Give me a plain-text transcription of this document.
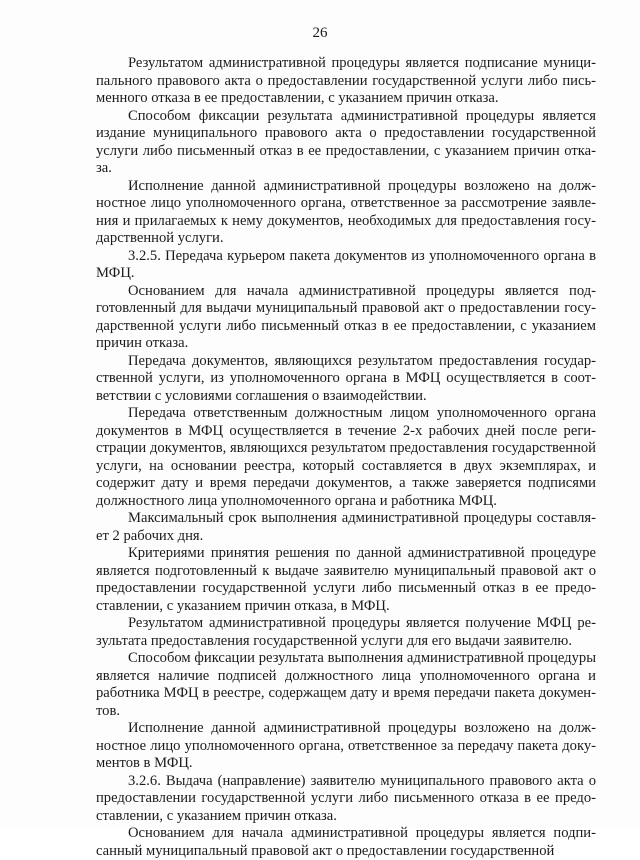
26

Результатом административной процедуры является подписание муниципального правового акта о предоставлении государственной услуги либо письменного отказа в ее предоставлении, с указанием причин отказа.

Способом фиксации результата административной процедуры является издание муниципального правового акта о предоставлении государственной услуги либо письменный отказ в ее предоставлении, с указанием причин отказа.

Исполнение данной административной процедуры возложено на должностное лицо уполномоченного органа, ответственное за рассмотрение заявления и прилагаемых к нему документов, необходимых для предоставления государственной услуги.

3.2.5. Передача курьером пакета документов из уполномоченного органа в МФЦ.

Основанием для начала административной процедуры является подготовленный для выдачи муниципальный правовой акт о предоставлении государственной услуги либо письменный отказ в ее предоставлении, с указанием причин отказа.

Передача документов, являющихся результатом предоставления государственной услуги, из уполномоченного органа в МФЦ осуществляется в соответствии с условиями соглашения о взаимодействии.

Передача ответственным должностным лицом уполномоченного органа документов в МФЦ осуществляется в течение 2-х рабочих дней после регистрации документов, являющихся результатом предоставления государственной услуги, на основании реестра, который составляется в двух экземплярах, и содержит дату и время передачи документов, а также заверяется подписями должностного лица уполномоченного органа и работника МФЦ.

Максимальный срок выполнения административной процедуры составляет 2 рабочих дня.

Критериями принятия решения по данной административной процедуре является подготовленный к выдаче заявителю муниципальный правовой акт о предоставлении государственной услуги либо письменный отказ в ее предоставлении, с указанием причин отказа, в МФЦ.

Результатом административной процедуры является получение МФЦ результата предоставления государственной услуги для его выдачи заявителю.

Способом фиксации результата выполнения административной процедуры является наличие подписей должностного лица уполномоченного органа и работника МФЦ в реестре, содержащем дату и время передачи пакета документов.

Исполнение данной административной процедуры возложено на должностное лицо уполномоченного органа, ответственное за передачу пакета документов в МФЦ.

3.2.6. Выдача (направление) заявителю муниципального правового акта о предоставлении государственной услуги либо письменного отказа в ее предоставлении, с указанием причин отказа.

Основанием для начала административной процедуры является подписанный муниципальный правовой акт о предоставлении государственной
